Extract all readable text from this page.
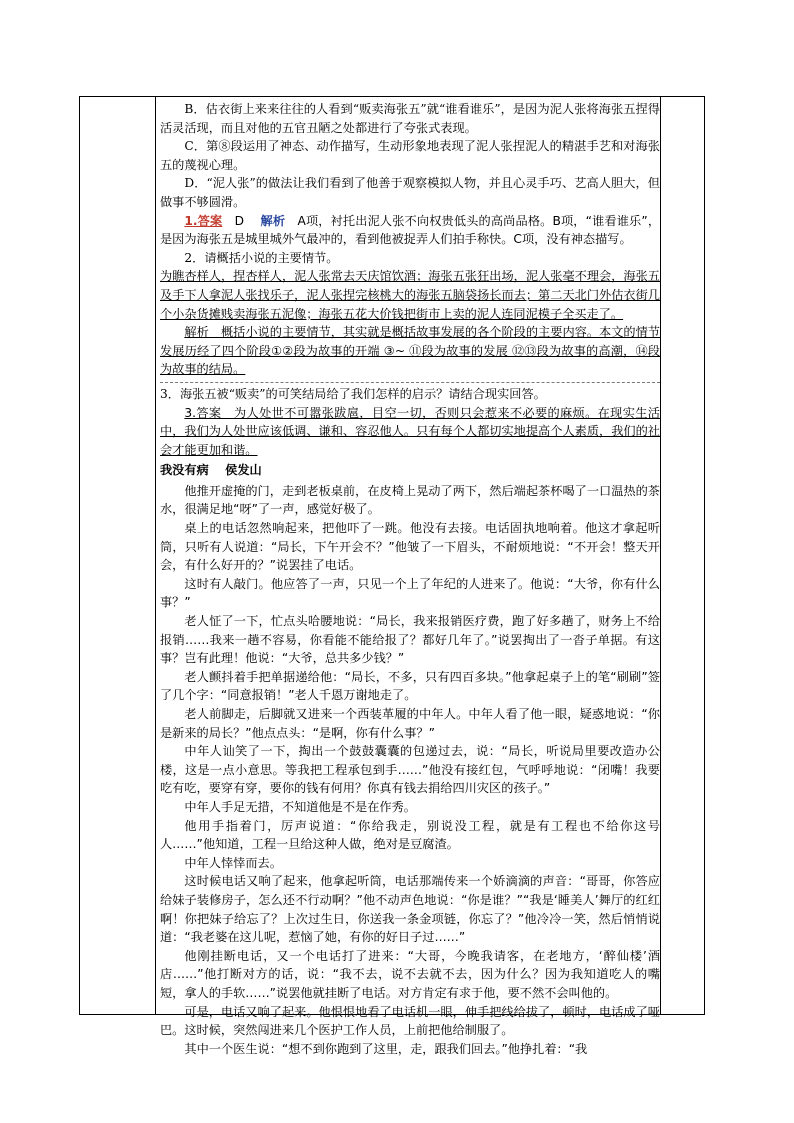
B．估衣街上来来往往的人看到“贩卖海张五”就“谁看谁乐”，是因为泥人张将海张五捏得活灵活现，而且对他的五官丑陋之处都进行了夸张式表现。

C．第⑧段运用了神态、动作描写，生动形象地表现了泥人张捏泥人的精湛手艺和对海张五的蔑视心理。

D．“泥人张”的做法让我们看到了他善于观察模拟人物，并且心灵手巧、艺高人胆大，但做事不够圆滑。

1.答案　 D　 解析　 A项，衬托出泥人张不向权贵低头的高尚品格。B项，“谁看谁乐”，是因为海张五是城里城外气最冲的，看到他被捉弄人们拍手称快。C项，没有神态描写。

2．请概括小说的主要情节。

为瞧杏样人，捏杏样人，泥人张常去天庆馆饮酒；海张五张狂出场，泥人张毫不理会，海张五及手下人拿泥人张找乐子，泥人张捏完核桃大的海张五脑袋扬长而去；第二天北门外估衣街几个小杂货摊贱卖海张五泥像；海张五花大价钱把街市上卖的泥人连同泥模子全买走了。

解析　概括小说的主要情节，其实就是概括故事发展的各个阶段的主要内容。本文的情节发展历经了四个阶段①②段为故事的开端 ③~ ⑪段为故事的发展 ⑫⑬段为故事的高潮，⑭段为故事的结局。

3．海张五被“贩卖”的可笑结局给了我们怎样的启示？请结合现实回答。

3.答案　为人处世不可嚣张跋扈，目空一切，否则只会惹来不必要的麻烦。在现实生活中，我们为人处世应该低调、谦和、容忍他人。只有每个人都切实地提高个人素质，我们的社会才能更加和谐。

我没有病　 侯发山

他推开虚掩的门，走到老板桌前，在皮椅上晃动了两下，然后端起茶杯喝了一口温热的茶水，很满足地“呀”了一声，感觉好极了。

桌上的电话忽然响起来，把他吓了一跳。他没有去接。电话固执地响着。他这才拿起听筒，只听有人说道：“局长，下午开会不？”他皱了一下眉头，不耐烦地说：“不开会！整天开会，有什么好开的？”说罢挂了电话。

这时有人敲门。他应答了一声，只见一个上了年纪的人进来了。他说：“大爷，你有什么事？”

老人怔了一下，忙点头哈腰地说：“局长，我来报销医疗费，跑了好多趟了，财务上不给报销……我来一趟不容易，你看能不能给报了？都好几年了。”说罢掏出了一沓子单据。有这事？岂有此理！他说：“大爷，总共多少钱？”

老人颤抖着手把单据递给他：“局长，不多，只有四百多块。”他拿起桌子上的笔“刷刷”签了几个字：“同意报销！”老人千恩万谢地走了。

老人前脚走，后脚就又进来一个西装革履的中年人。中年人看了他一眼，疑惑地说：“你是新来的局长？”他点点头：“是啊，你有什么事？”

中年人讪笑了一下，掏出一个鼓鼓囊囊的包递过去，说：“局长，听说局里要改造办公楼，这是一点小意思。等我把工程承包到手……”他没有接红包，气呼呼地说：“闭嘴！我要吃有吃，要穿有穿，要你的钱有何用？你真有钱去捐给四川灾区的孩子。”

中年人手足无措，不知道他是不是在作秀。

他用手指着门，厉声说道：“你给我走，别说没工程，就是有工程也不给你这号人……”他知道，工程一旦给这种人做，绝对是豆腐渣。

中年人悻悻而去。

这时候电话又响了起来，他拿起听筒，电话那端传来一个娇滴滴的声音：“哥哥，你答应给妹子装修房子，怎么还不行动啊？”他不动声色地说：“你是谁？”“我是‘睡美人’舞厅的红红啊！你把妹子给忘了？上次过生日，你送我一条金项链，你忘了？”他冷冷一笑，然后悄悄说道：“我老婆在这儿呢，惹恼了她，有你的好日子过……”

他刚挂断电话，又一个电话打了进来：“大哥，今晚我请客，在老地方，‘醉仙楼’酒店……”他打断对方的话，说：“我不去，说不去就不去，因为什么？因为我知道吃人的嘴短，拿人的手软……”说罢他就挂断了电话。对方肯定有求于他，要不然不会叫他的。

可是，电话又响了起来。他恨恨地看了电话机一眼，伸手把线给拔了，顿时，电话成了哑巴。这时候，突然闯进来几个医护工作人员，上前把他给制服了。

其中一个医生说：“想不到你跑到了这里，走，跟我们回去。”他挣扎着：“我
